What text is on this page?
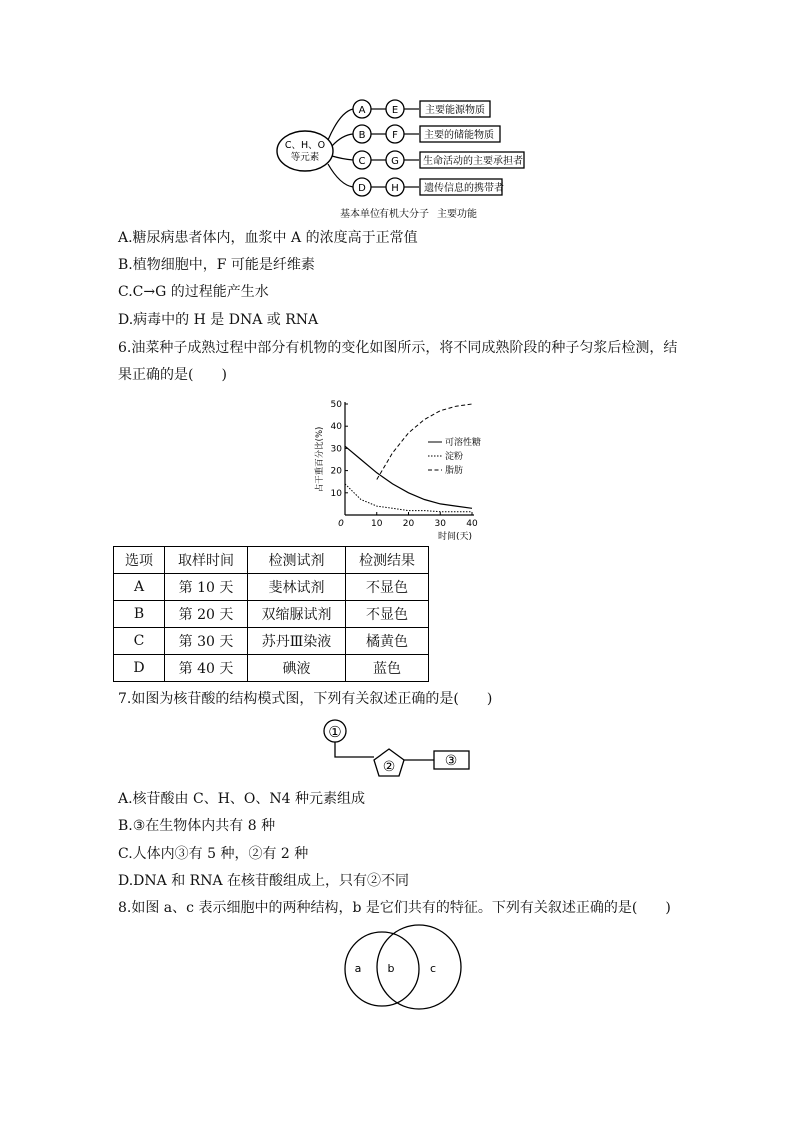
C、H、O
等元素
A	E	主要能源物质
B	F	主要的储能物质
C	G 生命活动的主要承担者
D	H	遗传信息的携带者
基本单位 有机大分子 主要功能
A.糖尿病患者体内，血浆中 A 的浓度高于正常值
B.植物细胞中，F 可能是纤维素
C.C→G 的过程能产生水
D.病毒中的 H 是 DNA 或 RNA
6.油菜种子成熟过程中部分有机物的变化如图所示，将不同成熟阶段的种子匀浆后检测，结
果正确的是(　　)
0	10 20 30 40
10
20
30
40
50
占干重百分比(%)
时间(天)
可溶性糖
淀粉
脂肪
选项	取样时间	检测试剂	检测结果
A	第 10 天	斐林试剂	不显色
B	第 20 天	双缩脲试剂	不显色
C	第 30 天	苏丹Ⅲ染液	橘黄色
D	第 40 天	碘液	蓝色
7.如图为核苷酸的结构模式图，下列有关叙述正确的是(　　)
①
②	③
A.核苷酸由 C、H、O、N4 种元素组成
B.③在生物体内共有 8 种
C.人体内③有 5 种，②有 2 种
D.DNA 和 RNA 在核苷酸组成上，只有②不同
8.如图 a、c 表示细胞中的两种结构，b 是它们共有的特征。下列有关叙述正确的是(　　)
a b	c
